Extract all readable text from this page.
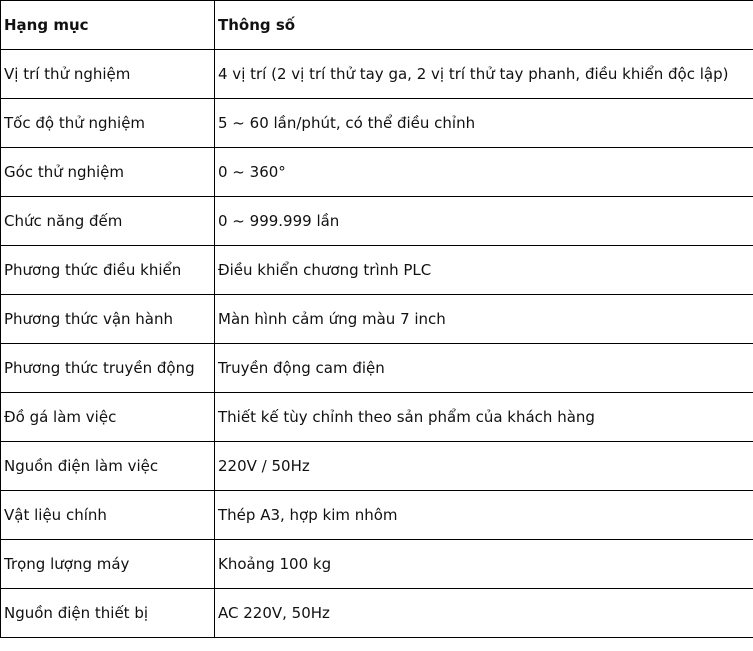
Hạng mục	Thông số
Vị trí thử nghiệm	4 vị trí (2 vị trí thử tay ga, 2 vị trí thử tay phanh, điều khiển độc lập)
Tốc độ thử nghiệm	5 ~ 60 lần/phút, có thể điều chỉnh
Góc thử nghiệm	0 ~ 360°
Chức năng đếm	0 ~ 999.999 lần
Phương thức điều khiển	Điều khiển chương trình PLC
Phương thức vận hành	Màn hình cảm ứng màu 7 inch
Phương thức truyền động	Truyền động cam điện
Đồ gá làm việc	Thiết kế tùy chỉnh theo sản phẩm của khách hàng
Nguồn điện làm việc	220V / 50Hz
Vật liệu chính	Thép A3, hợp kim nhôm
Trọng lượng máy	Khoảng 100 kg
Nguồn điện thiết bị	AC 220V, 50Hz
